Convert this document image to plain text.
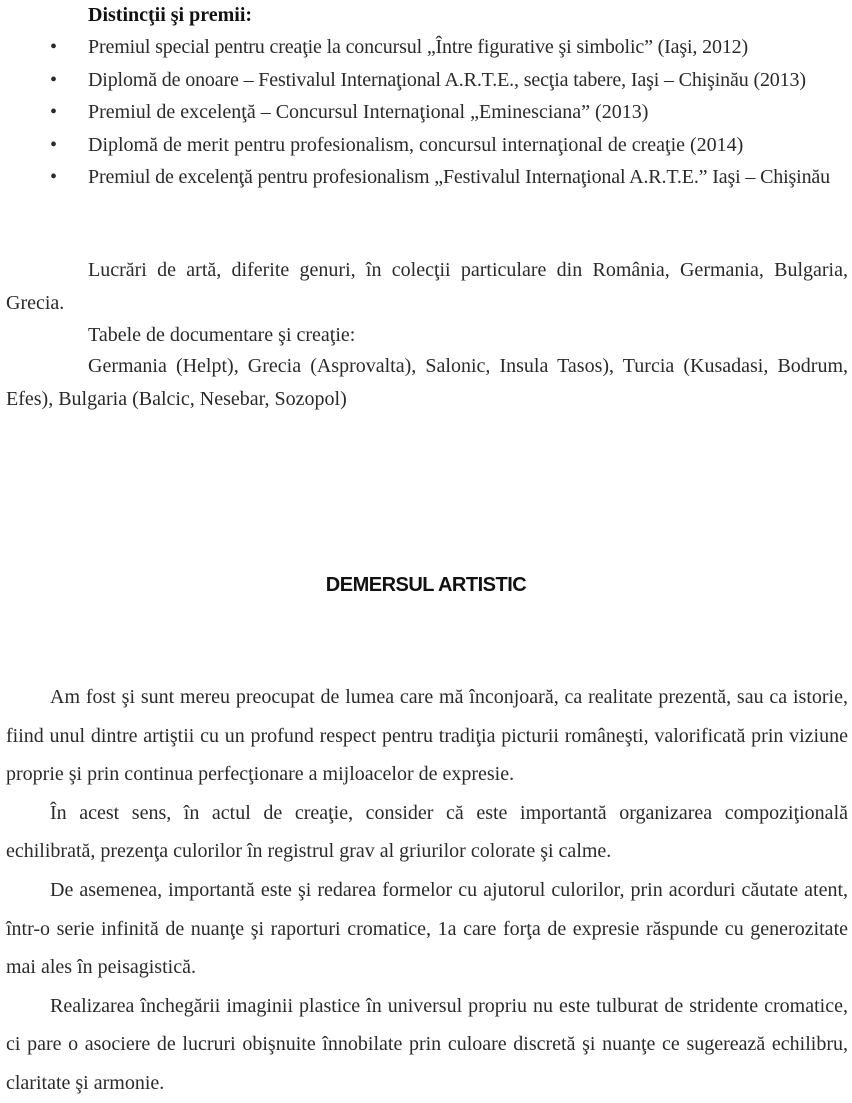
Distincţii şi premii:
• Premiul special pentru creaţie la concursul „Între figurative şi simbolic” (Iaşi, 2012)
• Diplomă de onoare – Festivalul Internaţional A.R.T.E., secţia tabere, Iaşi – Chişinău (2013)
• Premiul de excelenţă – Concursul Internaţional „Eminesciana” (2013)
• Diplomă de merit pentru profesionalism, concursul internaţional de creaţie (2014)
• Premiul de excelenţă pentru profesionalism „Festivalul Internaţional A.R.T.E.” Iaşi – Chişinău

Lucrări de artă, diferite genuri, în colecţii particulare din România, Germania, Bulgaria, Grecia.

Tabele de documentare şi creaţie:

Germania (Helpt), Grecia (Asprovalta), Salonic, Insula Tasos), Turcia (Kusadasi, Bodrum, Efes), Bulgaria (Balcic, Nesebar, Sozopol)

DEMERSUL ARTISTIC

Am fost şi sunt mereu preocupat de lumea care mă înconjoară, ca realitate prezentă, sau ca istorie, fiind unul dintre artiştii cu un profund respect pentru tradiţia picturii româneşti, valorificată prin viziune proprie şi prin continua perfecţionare a mijloacelor de expresie.

În acest sens, în actul de creaţie, consider că este importantă organizarea compoziţională echilibrată, prezenţa culorilor în registrul grav al griurilor colorate şi calme.

De asemenea, importantă este şi redarea formelor cu ajutorul culorilor, prin acorduri căutate atent, într-o serie infinită de nuanţe şi raporturi cromatice, 1a care forţa de expresie răspunde cu generozitate mai ales în peisagistică.

Realizarea închegării imaginii plastice în universul propriu nu este tulburat de stridente cromatice, ci pare o asociere de lucruri obişnuite înnobilate prin culoare discretă şi nuanţe ce sugerează echilibru, claritate şi armonie.
